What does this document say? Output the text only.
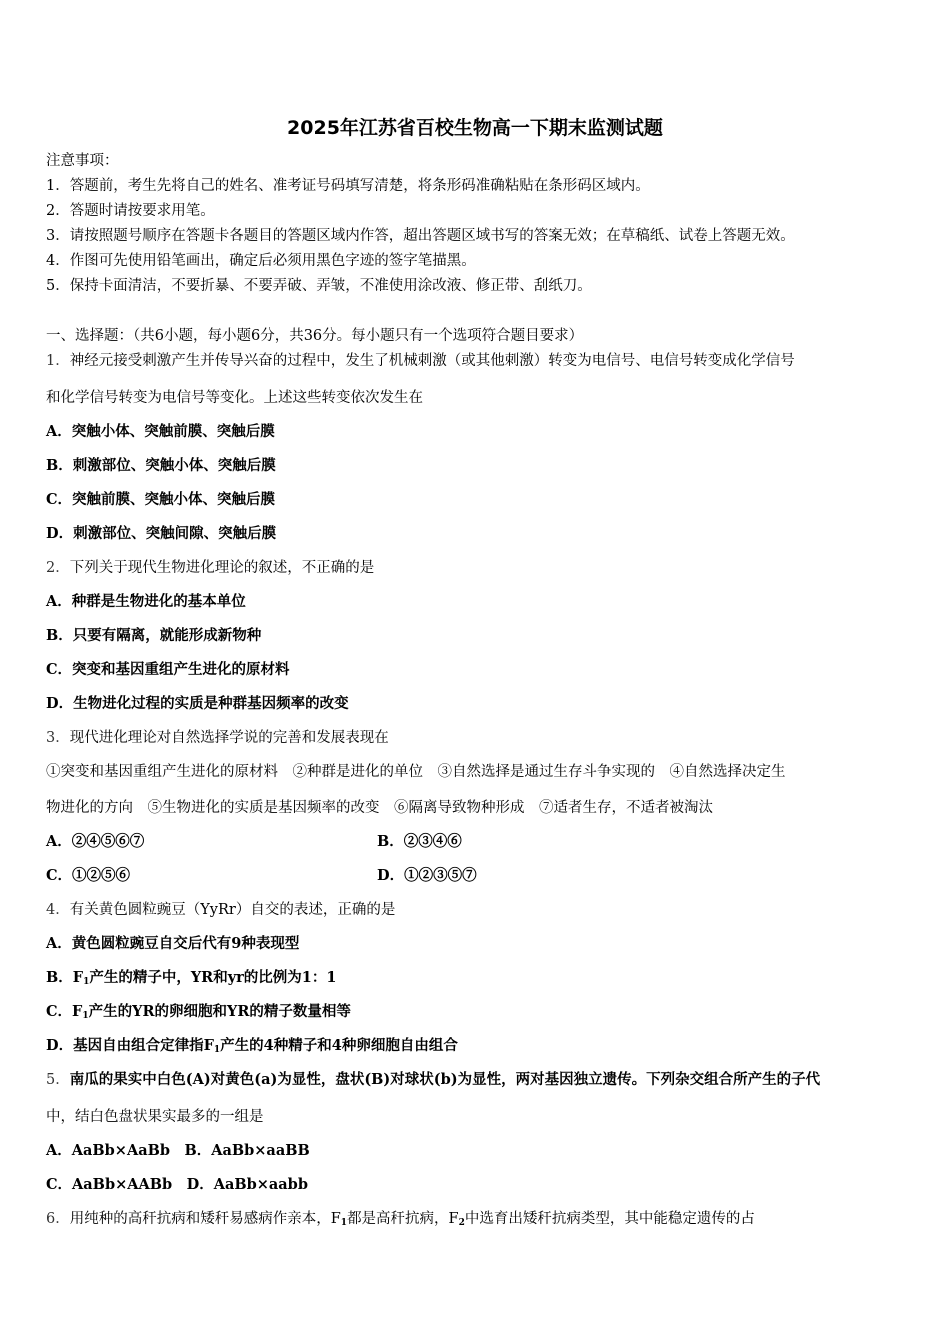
2025年江苏省百校生物高一下期末监测试题
注意事项：
1．答题前，考生先将自己的姓名、准考证号码填写清楚，将条形码准确粘贴在条形码区域内。
2．答题时请按要求用笔。
3．请按照题号顺序在答题卡各题目的答题区域内作答，超出答题区域书写的答案无效；在草稿纸、试卷上答题无效。
4．作图可先使用铅笔画出，确定后必须用黑色字迹的签字笔描黑。
5．保持卡面清洁，不要折暴、不要弄破、弄皱，不准使用涂改液、修正带、刮纸刀。
一、选择题：（共6小题，每小题6分，共36分。每小题只有一个选项符合题目要求）
1．神经元接受刺激产生并传导兴奋的过程中，发生了机械刺激（或其他刺激）转变为电信号、电信号转变成化学信号
和化学信号转变为电信号等变化。上述这些转变依次发生在
A．突触小体、突触前膜、突触后膜
B．刺激部位、突触小体、突触后膜
C．突触前膜、突触小体、突触后膜
D．刺激部位、突触间隙、突触后膜
2．下列关于现代生物进化理论的叙述，不正确的是
A．种群是生物进化的基本单位
B．只要有隔离，就能形成新物种
C．突变和基因重组产生进化的原材料
D．生物进化过程的实质是种群基因频率的改变
3．现代进化理论对自然选择学说的完善和发展表现在
①突变和基因重组产生进化的原材料　②种群是进化的单位　③自然选择是通过生存斗争实现的　④自然选择决定生
物进化的方向　⑤生物进化的实质是基因频率的改变　⑥隔离导致物种形成　⑦适者生存，不适者被淘汰
A．②④⑤⑥⑦	B．②③④⑥
C．①②⑤⑥	D．①②③⑤⑦
4．有关黄色圆粒豌豆（YyRr）自交的表述，正确的是
A．黄色圆粒豌豆自交后代有9种表现型
B．$F_1$产生的精子中，YR和yr的比例为1：1
C．$F_1$产生的YR的卵细胞和YR的精子数量相等
D．基因自由组合定律指$F_1$产生的4种精子和4种卵细胞自由组合
5．南瓜的果实中白色(A)对黄色(a)为显性，盘状(B)对球状(b)为显性，两对基因独立遗传。下列杂交组合所产生的子代
中，结白色盘状果实最多的一组是
A．AaBb×AaBb　B．AaBb×aaBB
C．AaBb×AABb　D．AaBb×aabb
6．用纯种的高秆抗病和矮秆易感病作亲本，$F_1$都是高秆抗病，$F_2$中选育出矮秆抗病类型，其中能稳定遗传的占
